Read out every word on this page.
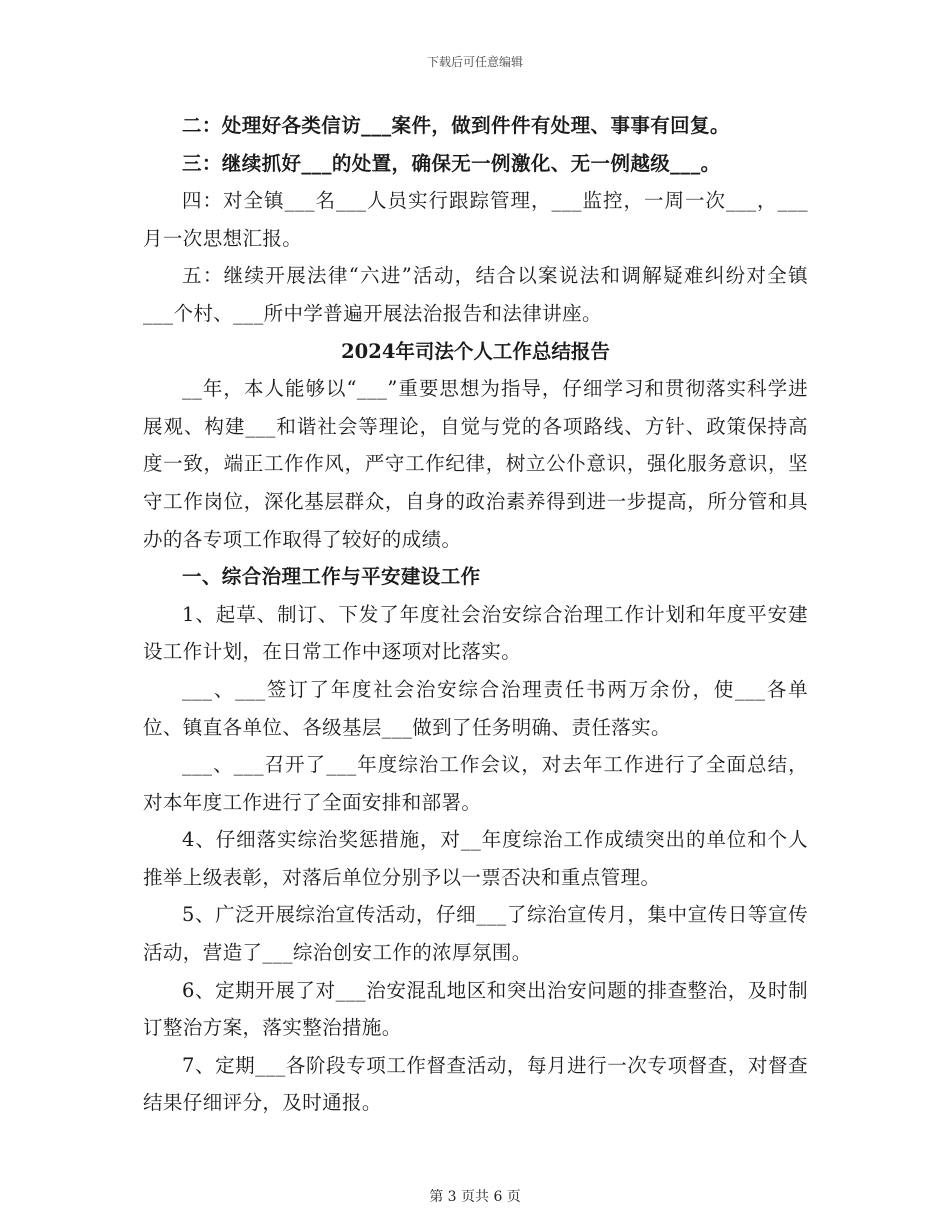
下载后可任意编辑

二：处理好各类信访___案件，做到件件有处理、事事有回复。

三：继续抓好___的处置，确保无一例激化、无一例越级___。

四：对全镇___名___人员实行跟踪管理，___监控，一周一次___，___月一次思想汇报。

五：继续开展法律“六进”活动，结合以案说法和调解疑难纠纷对全镇___个村、___所中学普遍开展法治报告和法律讲座。

2024年司法个人工作总结报告

__年，本人能够以“___”重要思想为指导，仔细学习和贯彻落实科学进展观、构建___和谐社会等理论，自觉与党的各项路线、方针、政策保持高度一致，端正工作作风，严守工作纪律，树立公仆意识，强化服务意识，坚守工作岗位，深化基层群众，自身的政治素养得到进一步提高，所分管和具办的各专项工作取得了较好的成绩。

一、综合治理工作与平安建设工作

1、起草、制订、下发了年度社会治安综合治理工作计划和年度平安建设工作计划，在日常工作中逐项对比落实。

___、___签订了年度社会治安综合治理责任书两万余份，使___各单位、镇直各单位、各级基层___做到了任务明确、责任落实。

___、___召开了___年度综治工作会议，对去年工作进行了全面总结，对本年度工作进行了全面安排和部署。

4、仔细落实综治奖惩措施，对__年度综治工作成绩突出的单位和个人推举上级表彰，对落后单位分别予以一票否决和重点管理。

5、广泛开展综治宣传活动，仔细___了综治宣传月，集中宣传日等宣传活动，营造了___综治创安工作的浓厚氛围。

6、定期开展了对___治安混乱地区和突出治安问题的排查整治，及时制订整治方案，落实整治措施。

7、定期___各阶段专项工作督查活动，每月进行一次专项督查，对督查结果仔细评分，及时通报。

第 3 页共 6 页
